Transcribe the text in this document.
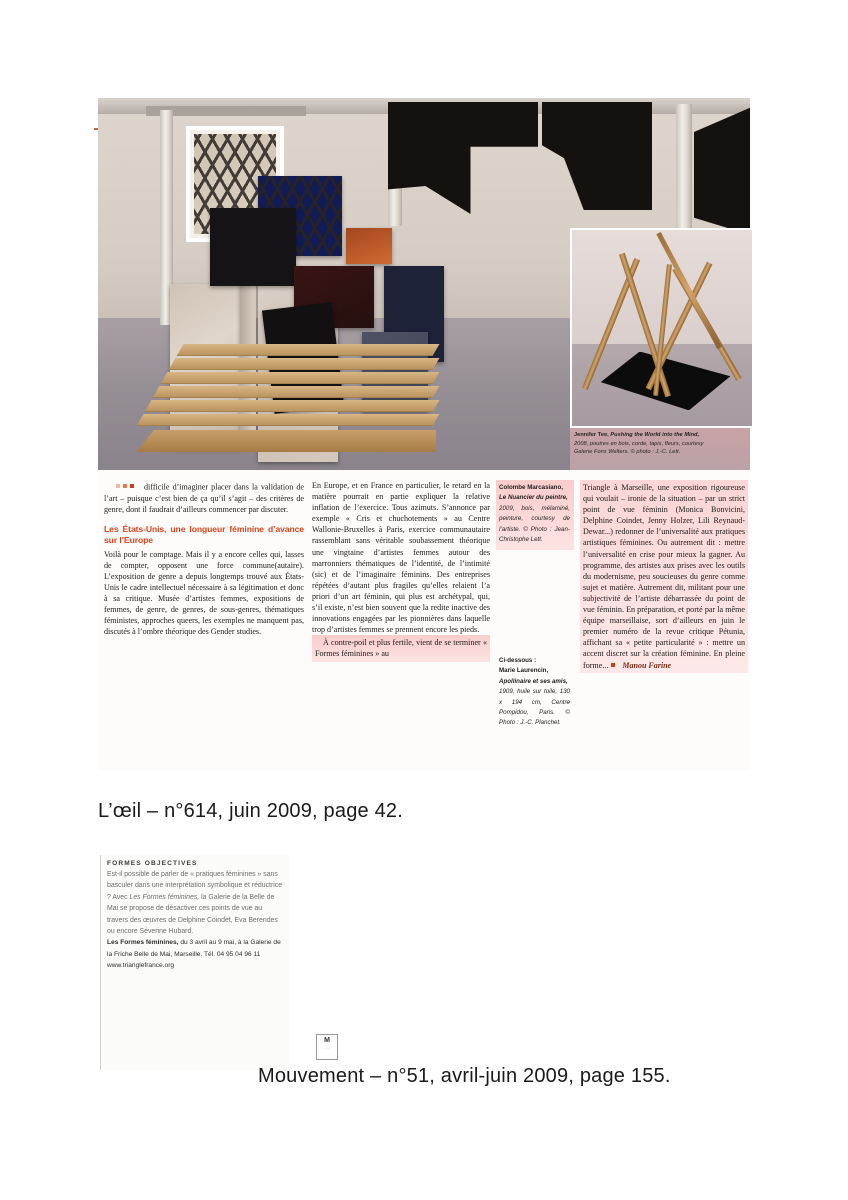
Jennifer Tee, Pushing the World into the Mind,
2008, poutres en bois, corde, tapis, fleurs, courtesy
Galerie Fons Welters. © photo : J.-C. Lett.

difficile d’imaginer placer dans la validation de l’art – puisque c’est bien de ça qu’il s’agit – des critères de genre, dont il faudrait d’ailleurs commencer par discuter.

Les États-Unis, une longueur féminine d’avance sur l’Europe

Voilà pour le comptage. Mais il y a encore celles qui, lasses de compter, opposent une force commune(autaire). L’exposition de genre a depuis longtemps trouvé aux États-Unis le cadre intellectuel nécessaire à sa légitimation et donc à sa critique. Musée d’artistes femmes, expositions de femmes, de genre, de genres, de sous-genres, thématiques féministes, approches queers, les exemples ne manquent pas, discutés à l’ombre théorique des Gender studies.

En Europe, et en France en particulier, le retard en la matière pourrait en partie expliquer la relative inflation de l’exercice. Tous azimuts. S’annonce par exemple « Cris et chuchotements » au Centre Wallonie-Bruxelles à Paris, exercice communautaire rassemblant sans véritable soubassement théorique une vingtaine d’artistes femmes autour des marronniers thématiques de l’identité, de l’intimité (sic) et de l’imaginaire féminins. Des entreprises répétées d’autant plus fragiles qu’elles relaient l’a priori d’un art féminin, qui plus est archétypal, qui, s’il existe, n’est bien souvent que la redite inactive des innovations engagées par les pionnières dans laquelle trop d’artistes femmes se prennent encore les pieds.

À contre-poil et plus fertile, vient de se terminer « Formes féminines » au

Colombe Marcasiano,
Le Nuancier du peintre,
2009, bois, mélaminé, peinture, courtesy de l’artiste. © Photo : Jean-Christophe Lett.
Ci-dessous :
Marie Laurencin,
Apollinaire et ses amis,
1909, huile sur toile, 130 x 194 cm, Centre Pompidou, Paris. © Photo : J.-C. Planchet.
Triangle à Marseille, une exposition rigoureuse qui voulait – ironie de la situation – par un strict point de vue féminin (Monica Bonvicini, Delphine Coindet, Jenny Holzer, Lili Reynaud-Dewar...) redonner de l’universalité aux pratiques artistiques féminines. Ou autrement dit : mettre l’universalité en crise pour mieux la gagner. Au programme, des artistes aux prises avec les outils du modernisme, peu soucieuses du genre comme sujet et matière. Autrement dit, militant pour une subjectivité de l’artiste débarrassée du point de vue féminin. En préparation, et porté par la même équipe marseillaise, sort d’ailleurs en juin le premier numéro de la revue critique Pétunia, affichant sa « petite particularité » : mettre un accent discret sur la création féminine. En pleine forme... Manou Farine
L’œil – n°614, juin 2009, page 42.
FORMES OBJECTIVES
Est-il possible de parler de « pratiques féminines » sans basculer dans une interprétation symbolique et réductrice ? Avec Les Formes féminines, la Galerie de la Belle de Mai se propose de désactiver ces points de vue au travers des œuvres de Delphine Coindet, Eva Berendes ou encore Séverine Hubard.
Les Formes féminines, du 3 avril au 9 mai, à la Galerie de la Friche Belle de Mai, Marseille. Tél. 04 95 04 96 11 www.trianglefrance.org
M
···
Mouvement – n°51, avril-juin 2009, page 155.
